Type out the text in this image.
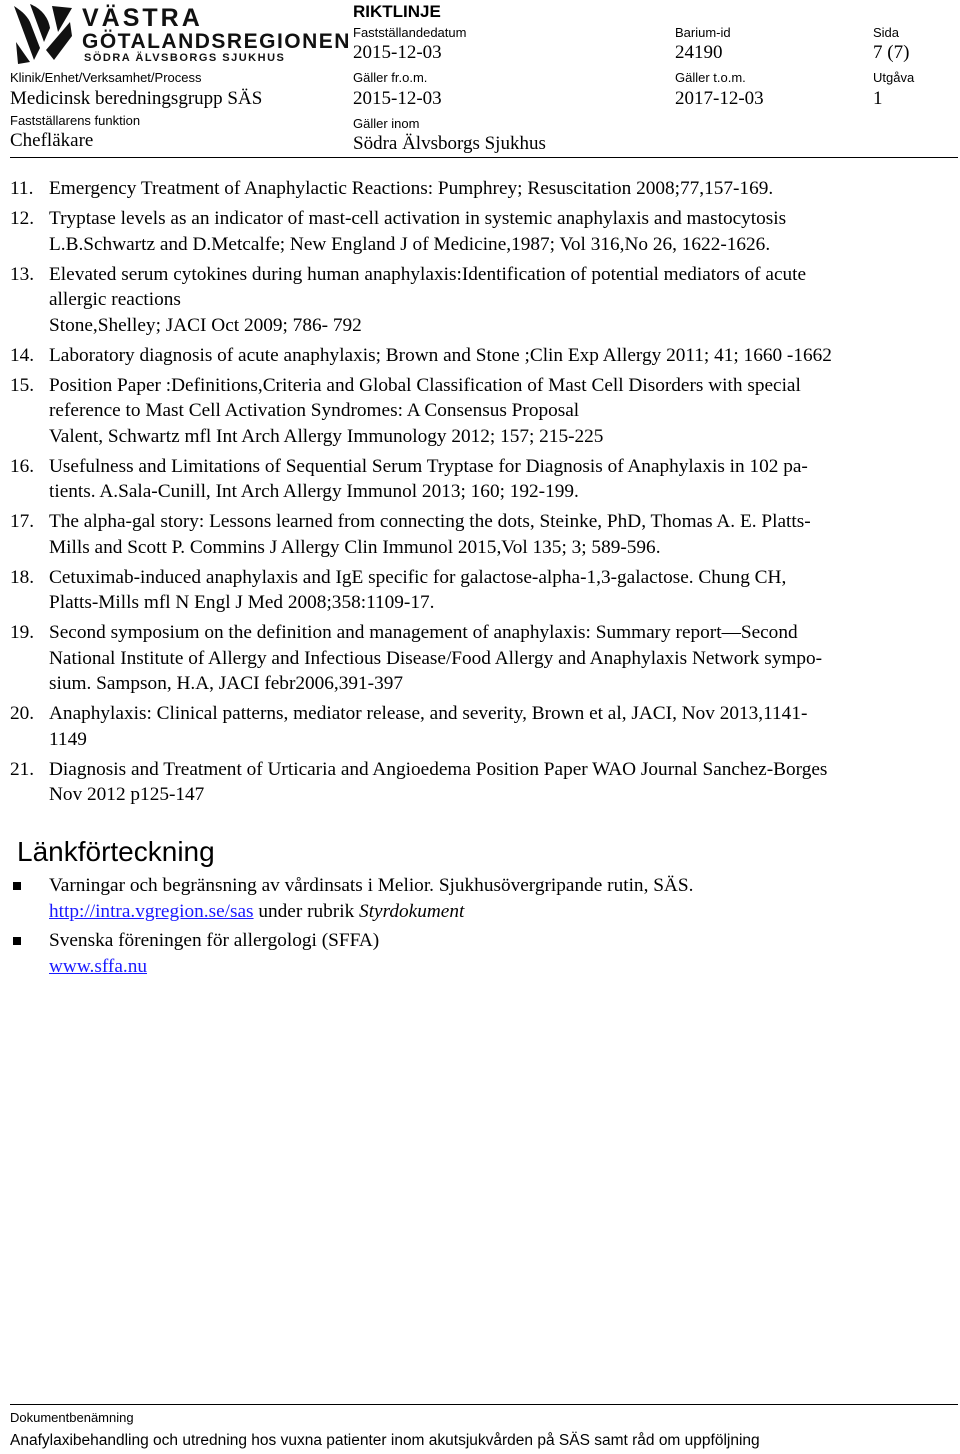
VÄSTRA
GÖTALANDSREGIONEN
SÖDRA ÄLVSBORGS SJUKHUS
RIKTLINJE
Fastställandedatum	Barium-id	Sida
2015-12-03	24190	7 (7)
Klinik/Enhet/Verksamhet/Process	Gäller fr.o.m.	Gäller t.o.m.	Utgåva
Medicinsk beredningsgrupp SÄS	2015-12-03	2017-12-03	1
Fastställarens funktion	Gäller inom
Chefläkare	Södra Älvsborgs Sjukhus
11. Emergency Treatment of Anaphylactic Reactions: Pumphrey; Resuscitation 2008;77,157-169.
12. Tryptase levels as an indicator of mast-cell activation in systemic anaphylaxis and mastocytosis
L.B.Schwartz and D.Metcalfe; New England J of Medicine,1987; Vol 316,No 26, 1622-1626.
13. Elevated serum cytokines during human anaphylaxis:Identification of potential mediators of acute
allergic reactions
Stone,Shelley; JACI Oct 2009; 786- 792
14. Laboratory diagnosis of acute anaphylaxis; Brown and Stone ;Clin Exp Allergy 2011; 41; 1660 -1662
15. Position Paper :Definitions,Criteria and Global Classification of Mast Cell Disorders with special
reference to Mast Cell Activation Syndromes: A Consensus Proposal
Valent, Schwartz mfl Int Arch Allergy Immunology 2012; 157; 215-225
16. Usefulness and Limitations of Sequential Serum Tryptase for Diagnosis of Anaphylaxis in 102 pa-
tients. A.Sala-Cunill, Int Arch Allergy Immunol 2013; 160; 192-199.
17. The alpha-gal story: Lessons learned from connecting the dots, Steinke, PhD, Thomas A. E. Platts-
Mills and Scott P. Commins J Allergy Clin Immunol 2015,Vol 135; 3; 589-596.
18. Cetuximab-induced anaphylaxis and IgE specific for galactose-alpha-1,3-galactose. Chung CH,
Platts-Mills mfl N Engl J Med 2008;358:1109-17.
19. Second symposium on the definition and management of anaphylaxis: Summary report—Second
National Institute of Allergy and Infectious Disease/Food Allergy and Anaphylaxis Network sympo-
sium. Sampson, H.A, JACI febr2006,391-397
20. Anaphylaxis: Clinical patterns, mediator release, and severity, Brown et al, JACI, Nov 2013,1141-
1149
21. Diagnosis and Treatment of Urticaria and Angioedema Position Paper WAO Journal Sanchez-Borges
Nov 2012 p125-147
Länkförteckning
Varningar och begränsning av vårdinsats i Melior. Sjukhusövergripande rutin, SÄS.
http://intra.vgregion.se/sas under rubrik Styrdokument
Svenska föreningen för allergologi (SFFA)
www.sffa.nu
Dokumentbenämning
Anafylaxibehandling och utredning hos vuxna patienter inom akutsjukvården på SÄS samt råd om uppföljning
